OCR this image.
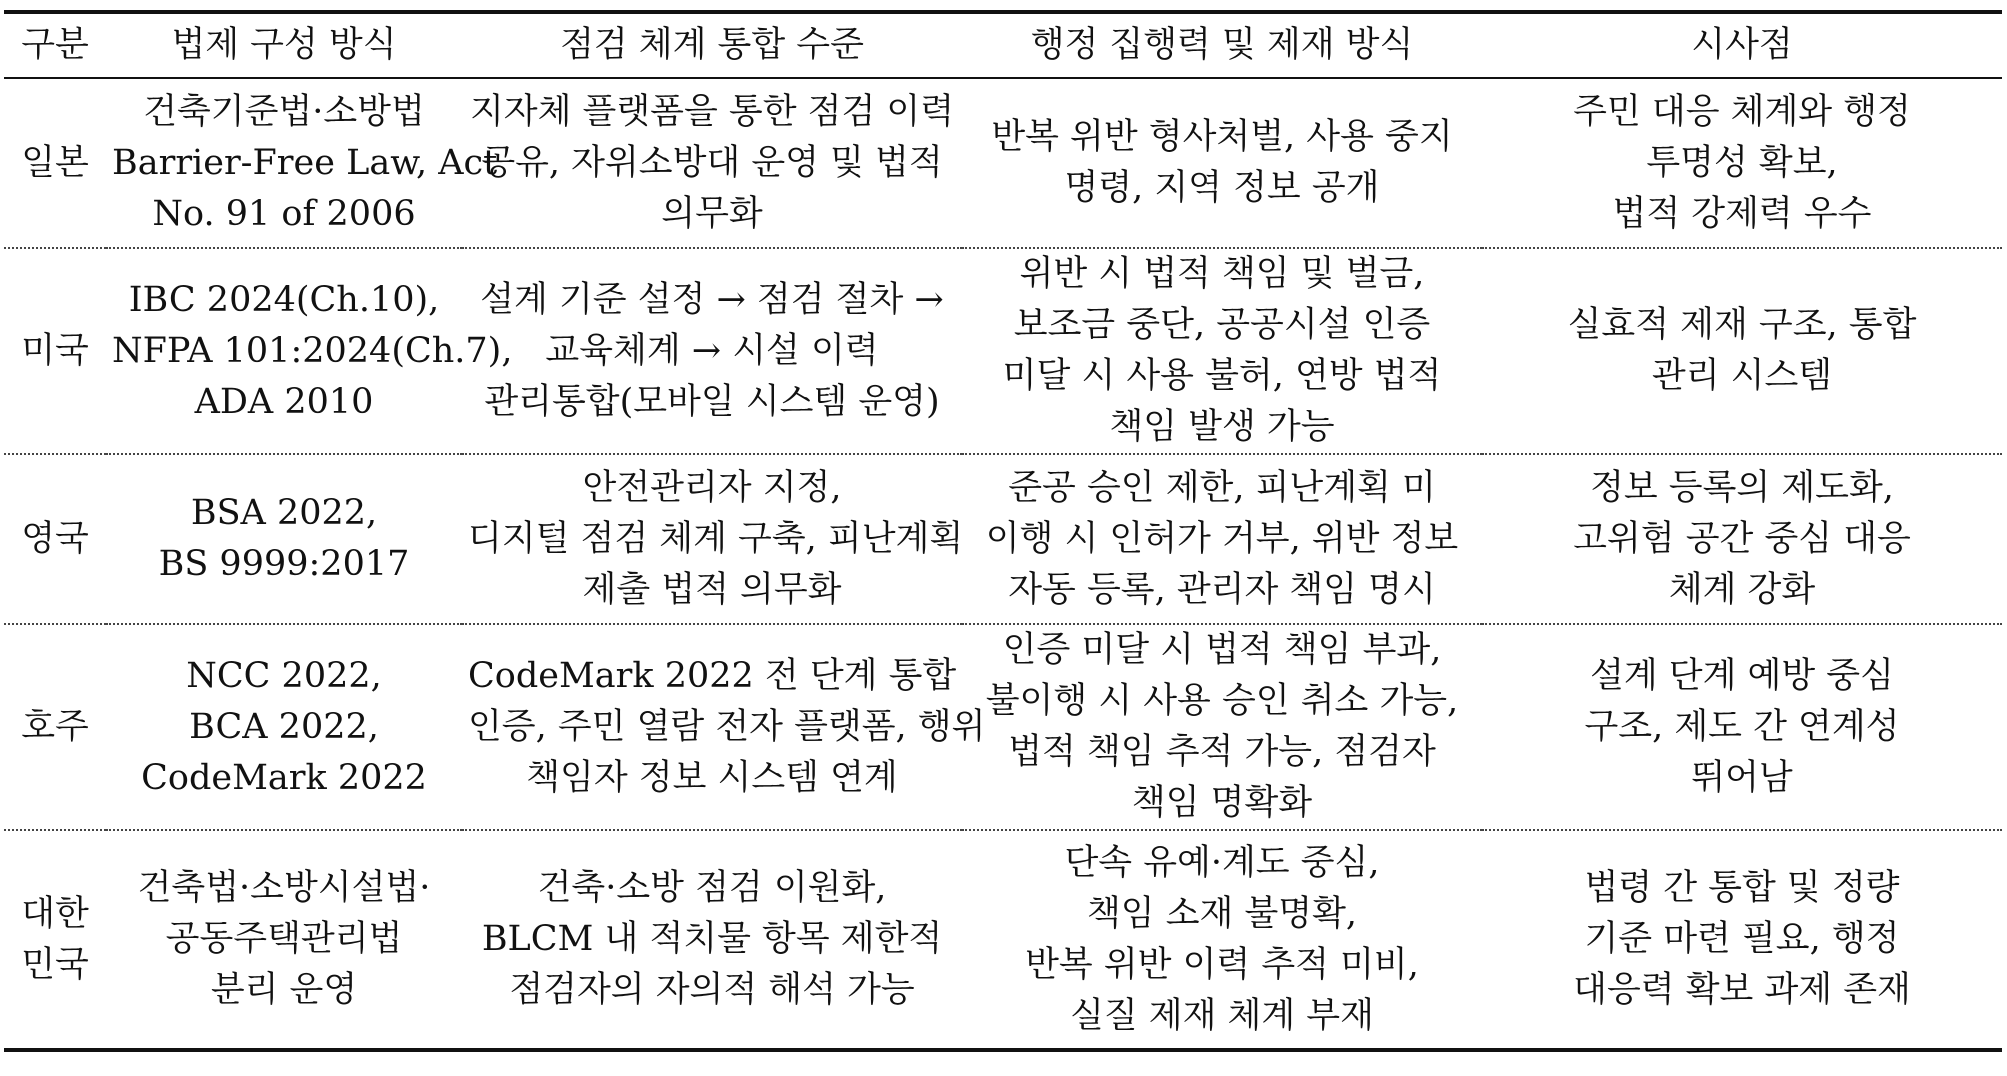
구분	법제 구성 방식	점검 체계 통합 수준	행정 집행력 및 제재 방식	시사점

일본	건축기준법·소방법
Barrier-Free Law, Act
No. 91 of 2006	지자체 플랫폼을 통한 점검 이력
공유, 자위소방대 운영 및 법적
의무화	반복 위반 형사처벌, 사용 중지
명령, 지역 정보 공개	주민 대응 체계와 행정
투명성 확보,
법적 강제력 우수

미국	IBC 2024(Ch.10),
NFPA 101:2024(Ch.7),
ADA 2010	설계 기준 설정 → 점검 절차 →
교육체계 → 시설 이력
관리통합(모바일 시스템 운영)	위반 시 법적 책임 및 벌금,
보조금 중단, 공공시설 인증
미달 시 사용 불허, 연방 법적
책임 발생 가능	실효적 제재 구조, 통합
관리 시스템

영국	BSA 2022,
BS 9999:2017	안전관리자 지정,
디지털 점검 체계 구축, 피난계획
제출 법적 의무화	준공 승인 제한, 피난계획 미
이행 시 인허가 거부, 위반 정보
자동 등록, 관리자 책임 명시	정보 등록의 제도화,
고위험 공간 중심 대응
체계 강화

호주	NCC 2022,
BCA 2022,
CodeMark 2022	CodeMark 2022 전 단계 통합
인증, 주민 열람 전자 플랫폼, 행위
책임자 정보 시스템 연계	인증 미달 시 법적 책임 부과,
불이행 시 사용 승인 취소 가능,
법적 책임 추적 가능, 점검자
책임 명확화	설계 단계 예방 중심
구조, 제도 간 연계성
뛰어남

대한
민국	건축법·소방시설법·
공동주택관리법
분리 운영	건축·소방 점검 이원화,
BLCM 내 적치물 항목 제한적
점검자의 자의적 해석 가능	단속 유예·계도 중심,
책임 소재 불명확,
반복 위반 이력 추적 미비,
실질 제재 체계 부재	법령 간 통합 및 정량
기준 마련 필요, 행정
대응력 확보 과제 존재
